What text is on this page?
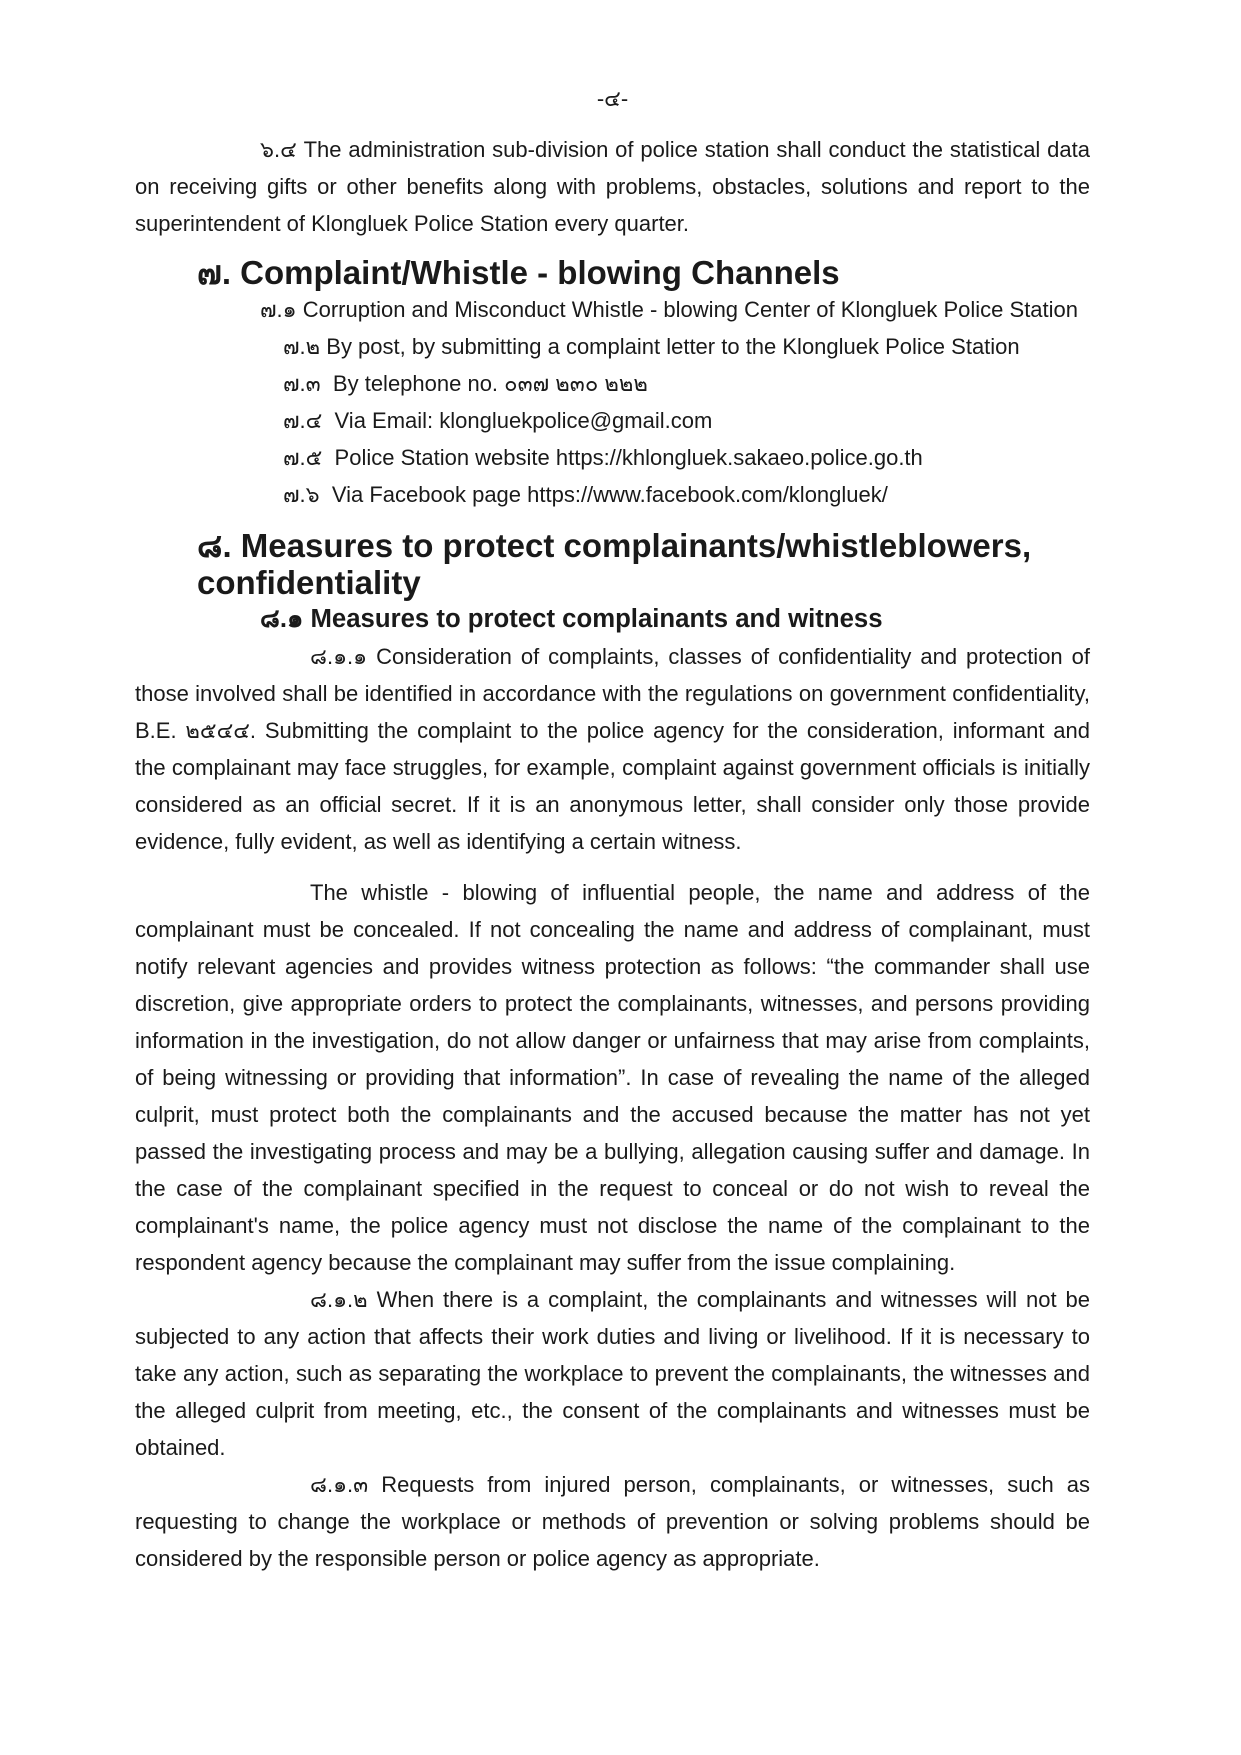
-๔-

๖.๔ The administration sub-division of police station shall conduct the statistical data on receiving gifts or other benefits along with problems, obstacles, solutions and report to the superintendent of Klongluek Police Station every quarter.

๗. Complaint/Whistle - blowing Channels

๗.๑ Corruption and Misconduct Whistle - blowing Center of Klongluek Police Station

๗.๒ By post, by submitting a complaint letter to the Klongluek Police Station

๗.๓  By telephone no. ๐๓๗ ๒๓๐ ๒๒๒

๗.๔  Via Email: klongluekpolice@gmail.com

๗.๕  Police Station website https://khlongluek.sakaeo.police.go.th

๗.๖  Via Facebook page https://www.facebook.com/klongluek/

๘. Measures to protect complainants/whistleblowers, confidentiality
๘.๑ Measures to protect complainants and witness

๘.๑.๑ Consideration of complaints, classes of confidentiality and protection of those involved shall be identified in accordance with the regulations on government confidentiality, B.E. ๒๕๔๔. Submitting the complaint to the police agency for the consideration, informant and the complainant may face struggles, for example, complaint against government officials is initially considered as an official secret. If it is an anonymous letter, shall consider only those provide evidence, fully evident, as well as identifying a certain witness.

The whistle - blowing of influential people, the name and address of the complainant must be concealed. If not concealing the name and address of complainant, must notify relevant agencies and provides witness protection as follows: “the commander shall use discretion, give appropriate orders to protect the complainants, witnesses, and persons providing information in the investigation, do not allow danger or unfairness that may arise from complaints, of being witnessing or providing that information”. In case of revealing the name of the alleged culprit, must protect both the complainants and the accused because the matter has not yet passed the investigating process and may be a bullying, allegation causing suffer and damage. In the case of the complainant specified in the request to conceal or do not wish to reveal the complainant's name, the police agency must not disclose the name of the complainant to the respondent agency because the complainant may suffer from the issue complaining.

๘.๑.๒ When there is a complaint, the complainants and witnesses will not be subjected to any action that affects their work duties and living or livelihood. If it is necessary to take any action, such as separating the workplace to prevent the complainants, the witnesses and the alleged culprit from meeting, etc., the consent of the complainants and witnesses must be obtained.

๘.๑.๓ Requests from injured person, complainants, or witnesses, such as requesting to change the workplace or methods of prevention or solving problems should be considered by the responsible person or police agency as appropriate.
